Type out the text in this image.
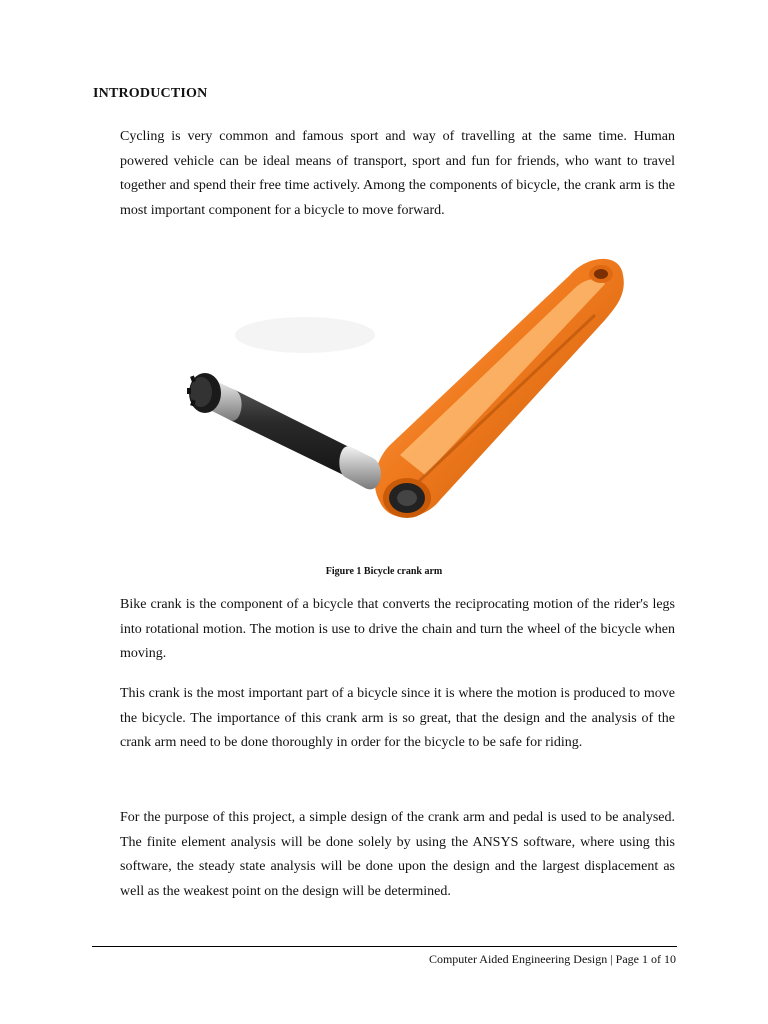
INTRODUCTION

Cycling is very common and famous sport and way of travelling at the same time. Human powered vehicle can be ideal means of transport, sport and fun for friends, who want to travel together and spend their free time actively. Among the components of bicycle, the crank arm is the most important component for a bicycle to move forward.

Figure 1 Bicycle crank arm

Bike crank is the component of a bicycle that converts the reciprocating motion of the rider's legs into rotational motion. The motion is use to drive the chain and turn the wheel of the bicycle when moving.

This crank is the most important part of a bicycle since it is where the motion is produced to move the bicycle. The importance of this crank arm is so great, that the design and the analysis of the crank arm need to be done thoroughly in order for the bicycle to be safe for riding.

For the purpose of this project, a simple design of the crank arm and pedal is used to be analysed. The finite element analysis will be done solely by using the ANSYS software, where using this software, the steady state analysis will be done upon the design and the largest displacement as well as the weakest point on the design will be determined.

Computer Aided Engineering Design | Page 1 of 10
